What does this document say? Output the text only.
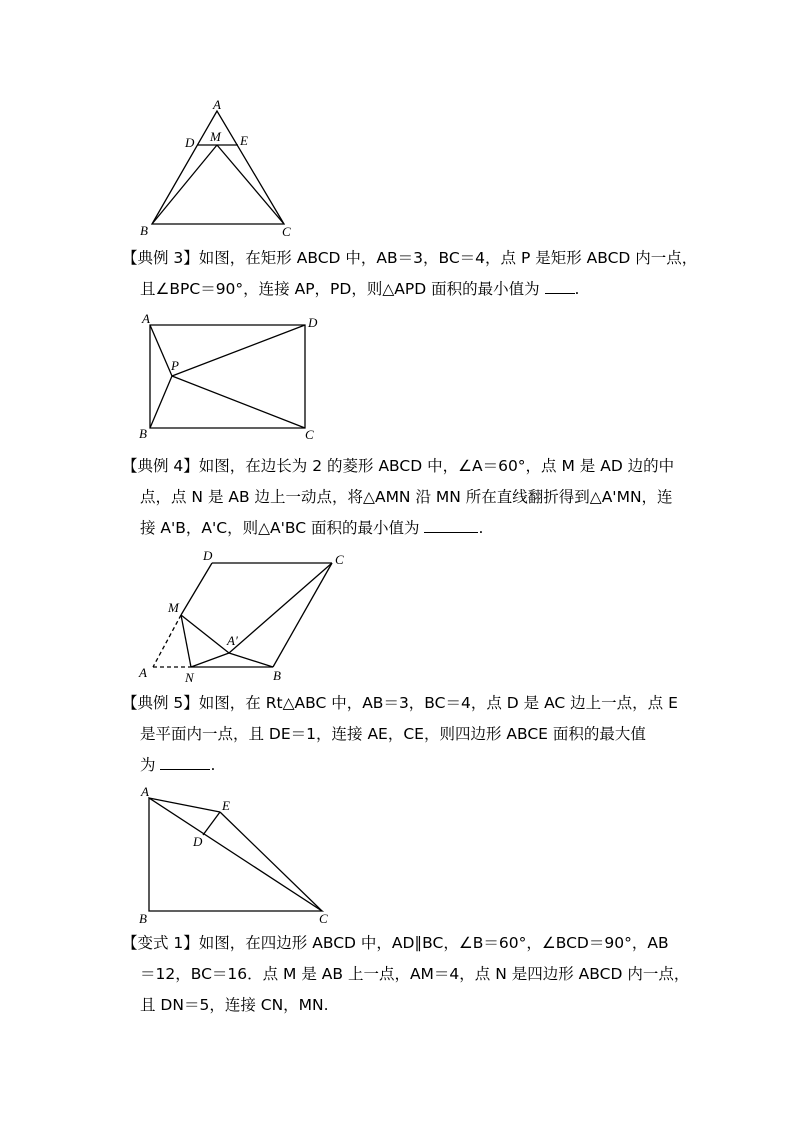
A
M
D	E
B	C
【典例 3】如图，在矩形 ABCD 中，AB＝3，BC＝4，点 P 是矩形 ABCD 内一点，
且∠BPC＝90°，连接 AP，PD，则△APD 面积的最小值为 .
A	D
P
B	C
【典例 4】如图，在边长为 2 的菱形 ABCD 中，∠A＝60°，点 M 是 AD 边的中
点，点 N 是 AB 边上一动点，将△AMN 沿 MN 所在直线翻折得到△A'MN，连
接 A'B，A'C，则△A'BC 面积的最小值为	.
D	C
M
A′
A	N	B
【典例 5】如图，在 Rt△ABC 中，AB＝3，BC＝4，点 D 是 AC 边上一点，点 E
是平面内一点，且 DE＝1，连接 AE，CE，则四边形 ABCE 面积的最大值
为	.
A
E
D
B	C
【变式 1】如图，在四边形 ABCD 中，AD∥BC，∠B＝60°，∠BCD＝90°，AB
＝12，BC＝16．点 M 是 AB 上一点，AM＝4，点 N 是四边形 ABCD 内一点，
且 DN＝5，连接 CN，MN.
